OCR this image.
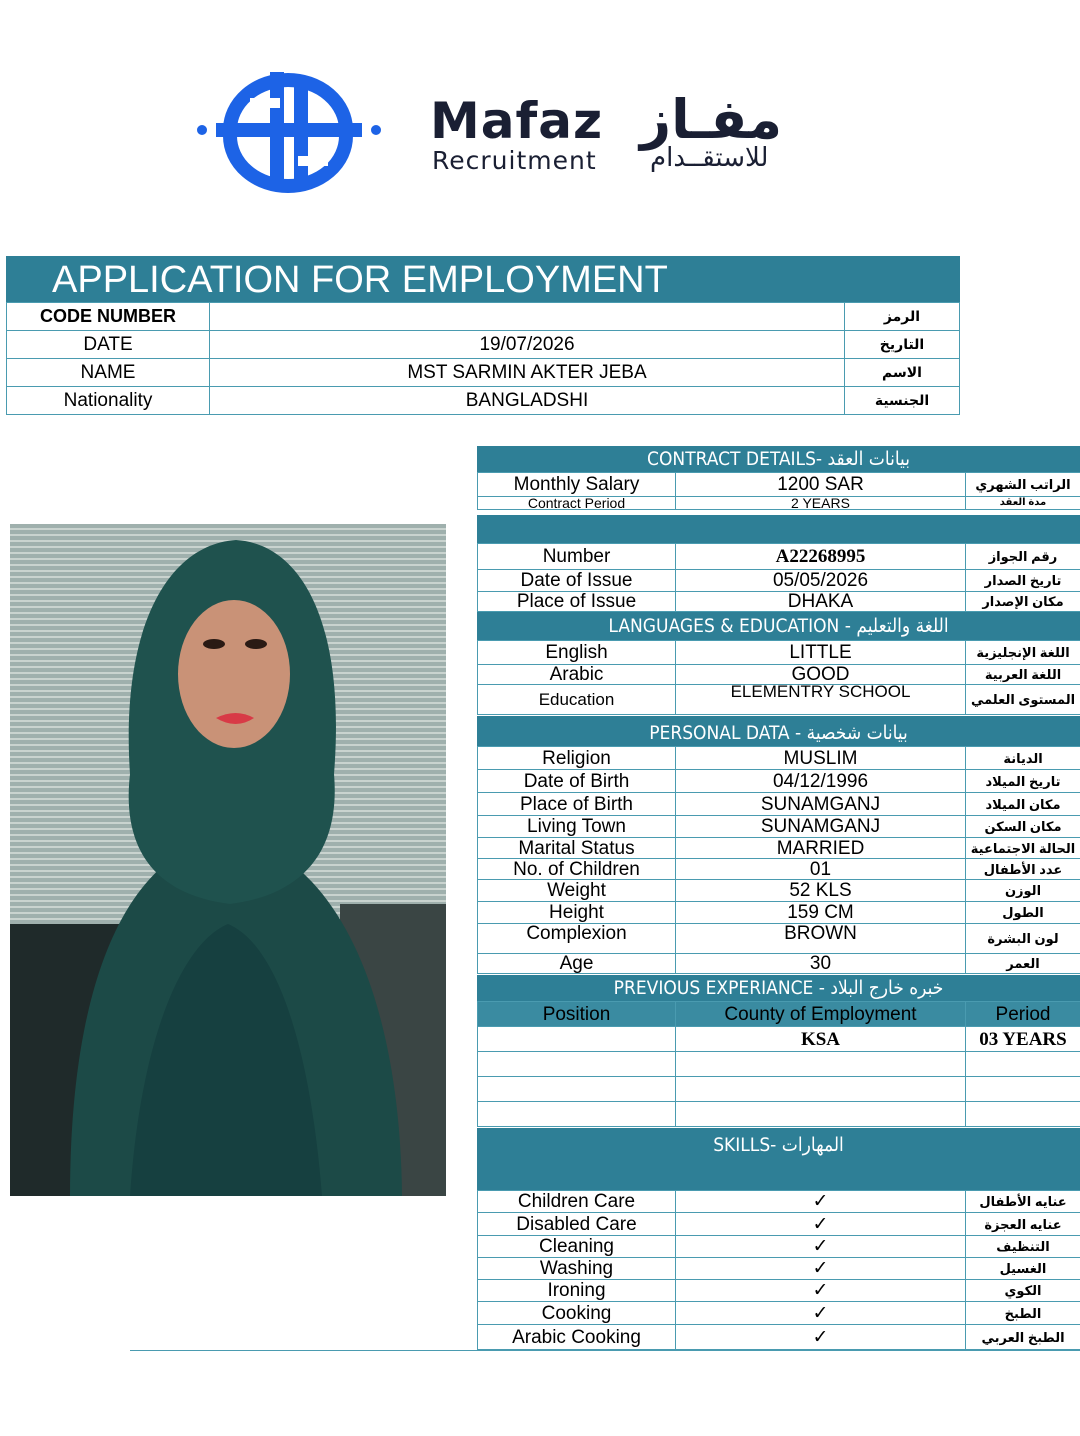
Mafaz مفـاز
Recruitment للاستقــدام
APPLICATION FOR EMPLOYMENT
CODE NUMBER		الرمز
DATE	19/07/2026	التاريخ
NAME	MST SARMIN AKTER JEBA	الاسم
Nationality	BANGLADSHI	الجنسية
CONTRACT DETAILS- بيانات العقد
Monthly Salary	1200 SAR	الراتب الشهري
Contract Period	2 YEARS	مدة العقد
Number	A22268995	رقم الجواز
Date of Issue	05/05/2026	تاريخ الصدار
Place of Issue	DHAKA	مكان الإصدار
LANGUAGES & EDUCATION - اللغة والتعليم
English	LITTLE	اللغة الإنجليزية
Arabic	GOOD	اللغة العربية
Education	ELEMENTRY SCHOOL	المستوى العلمي
PERSONAL DATA - بيانات شخصية
Religion	MUSLIM	الديانة
Date of Birth	04/12/1996	تاريخ الميلاد
Place of Birth	SUNAMGANJ	مكان الميلاد
Living Town	SUNAMGANJ	مكان السكن
Marital Status	MARRIED	الحالة الاجتماعية
No. of Children	01	عدد الأطفال
Weight	52 KLS	الوزن
Height	159 CM	الطول
Complexion	BROWN	لون البشرة
Age	30	العمر
PREVIOUS EXPERIANCE - خبره خارج البلاد
Position	County of Employment	Period
	KSA	03 YEARS

SKILLS- المهارات
Children Care	✓	عنايه الأطفال
Disabled Care	✓	عنايه العجزة
Cleaning	✓	التنظيف
Washing	✓	الغسيل
Ironing	✓	الكوي
Cooking	✓	الطبخ
Arabic Cooking	✓	الطبخ العربي
